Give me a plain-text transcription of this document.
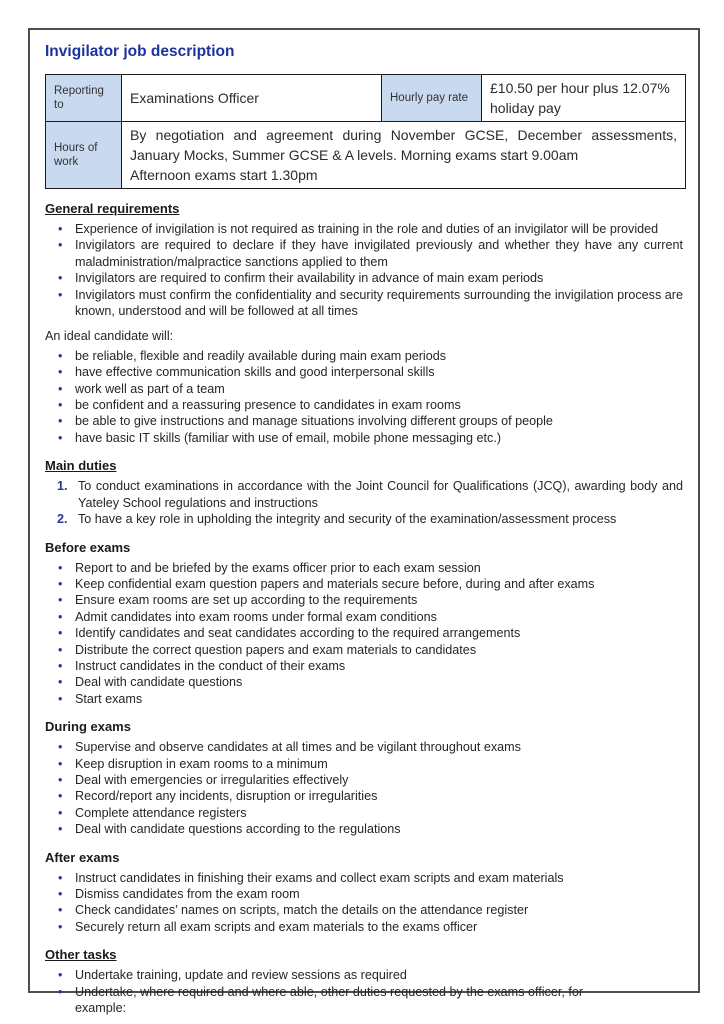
Invigilator job description
Reporting to	Examinations Officer	Hourly pay rate	£10.50 per hour plus 12.07% holiday pay
Hours of work	By negotiation and agreement during November GCSE, December assessments, January Mocks, Summer GCSE & A levels. Morning exams start 9.00am
Afternoon exams start 1.30pm		
General requirements
• Experience of invigilation is not required as training in the role and duties of an invigilator will be provided
• Invigilators are required to declare if they have invigilated previously and whether they have any current maladministration/malpractice sanctions applied to them
• Invigilators are required to confirm their availability in advance of main exam periods
• Invigilators must confirm the confidentiality and security requirements surrounding the invigilation process are known, understood and will be followed at all times

An ideal candidate will:

• be reliable, flexible and readily available during main exam periods
• have effective communication skills and good interpersonal skills
• work well as part of a team
• be confident and a reassuring presence to candidates in exam rooms
• be able to give instructions and manage situations involving different groups of people
• have basic IT skills (familiar with use of email, mobile phone messaging etc.)
Main duties
To conduct examinations in accordance with the Joint Council for Qualifications (JCQ), awarding body and Yateley School regulations and instructions
To have a key role in upholding the integrity and security of the examination/assessment process
Before exams
• Report to and be briefed by the exams officer prior to each exam session
• Keep confidential exam question papers and materials secure before, during and after exams
• Ensure exam rooms are set up according to the requirements
• Admit candidates into exam rooms under formal exam conditions
• Identify candidates and seat candidates according to the required arrangements
• Distribute the correct question papers and exam materials to candidates
• Instruct candidates in the conduct of their exams
• Deal with candidate questions
• Start exams
During exams
• Supervise and observe candidates at all times and be vigilant throughout exams
• Keep disruption in exam rooms to a minimum
• Deal with emergencies or irregularities effectively
• Record/report any incidents, disruption or irregularities
• Complete attendance registers
• Deal with candidate questions according to the regulations
After exams
• Instruct candidates in finishing their exams and collect exam scripts and exam materials
• Dismiss candidates from the exam room
• Check candidates’ names on scripts, match the details on the attendance register
• Securely return all exam scripts and exam materials to the exams officer
Other tasks
• Undertake training, update and review sessions as required
• Undertake, where required and where able, other duties requested by the exams officer, for
example:
